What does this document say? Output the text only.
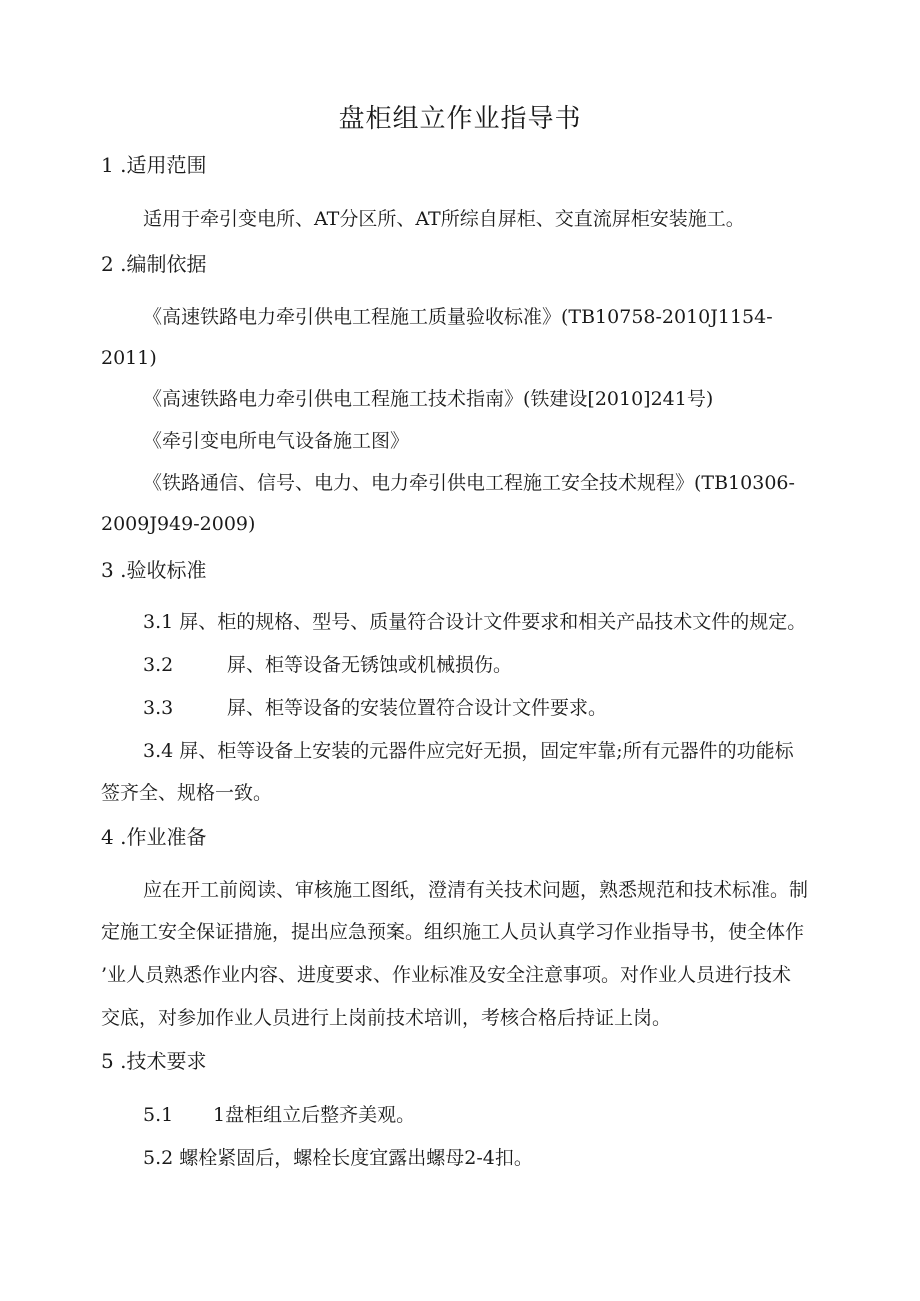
盘柜组立作业指导书
1 .适用范围
适用于牵引变电所、AT分区所、AT所综自屏柜、交直流屏柜安装施工。
2 .编制依据
《高速铁路电力牵引供电工程施工质量验收标准》(TB10758-2010J1154-
2011)
《高速铁路电力牵引供电工程施工技术指南》(铁建设[2010]241号)
《牵引变电所电气设备施工图》
《铁路通信、信号、电力、电力牵引供电工程施工安全技术规程》(TB10306-
2009J949-2009)
3 .验收标准
3.1 屏、柜的规格、型号、质量符合设计文件要求和相关产品技术文件的规定。
3.2	屏、柜等设备无锈蚀或机械损伤。
3.3	屏、柜等设备的安装位置符合设计文件要求。
3.4 屏、柜等设备上安装的元器件应完好无损，固定牢靠;所有元器件的功能标
签齐全、规格一致。
4 .作业准备
应在开工前阅读、审核施工图纸，澄清有关技术问题，熟悉规范和技术标准。制
定施工安全保证措施，提出应急预案。组织施工人员认真学习作业指导书，使全体作
’业人员熟悉作业内容、进度要求、作业标准及安全注意事项。对作业人员进行技术
交底，对参加作业人员进行上岗前技术培训，考核合格后持证上岗。
5 .技术要求
5.1 1盘柜组立后整齐美观。
5.2 螺栓紧固后，螺栓长度宜露出螺母2-4扣。
